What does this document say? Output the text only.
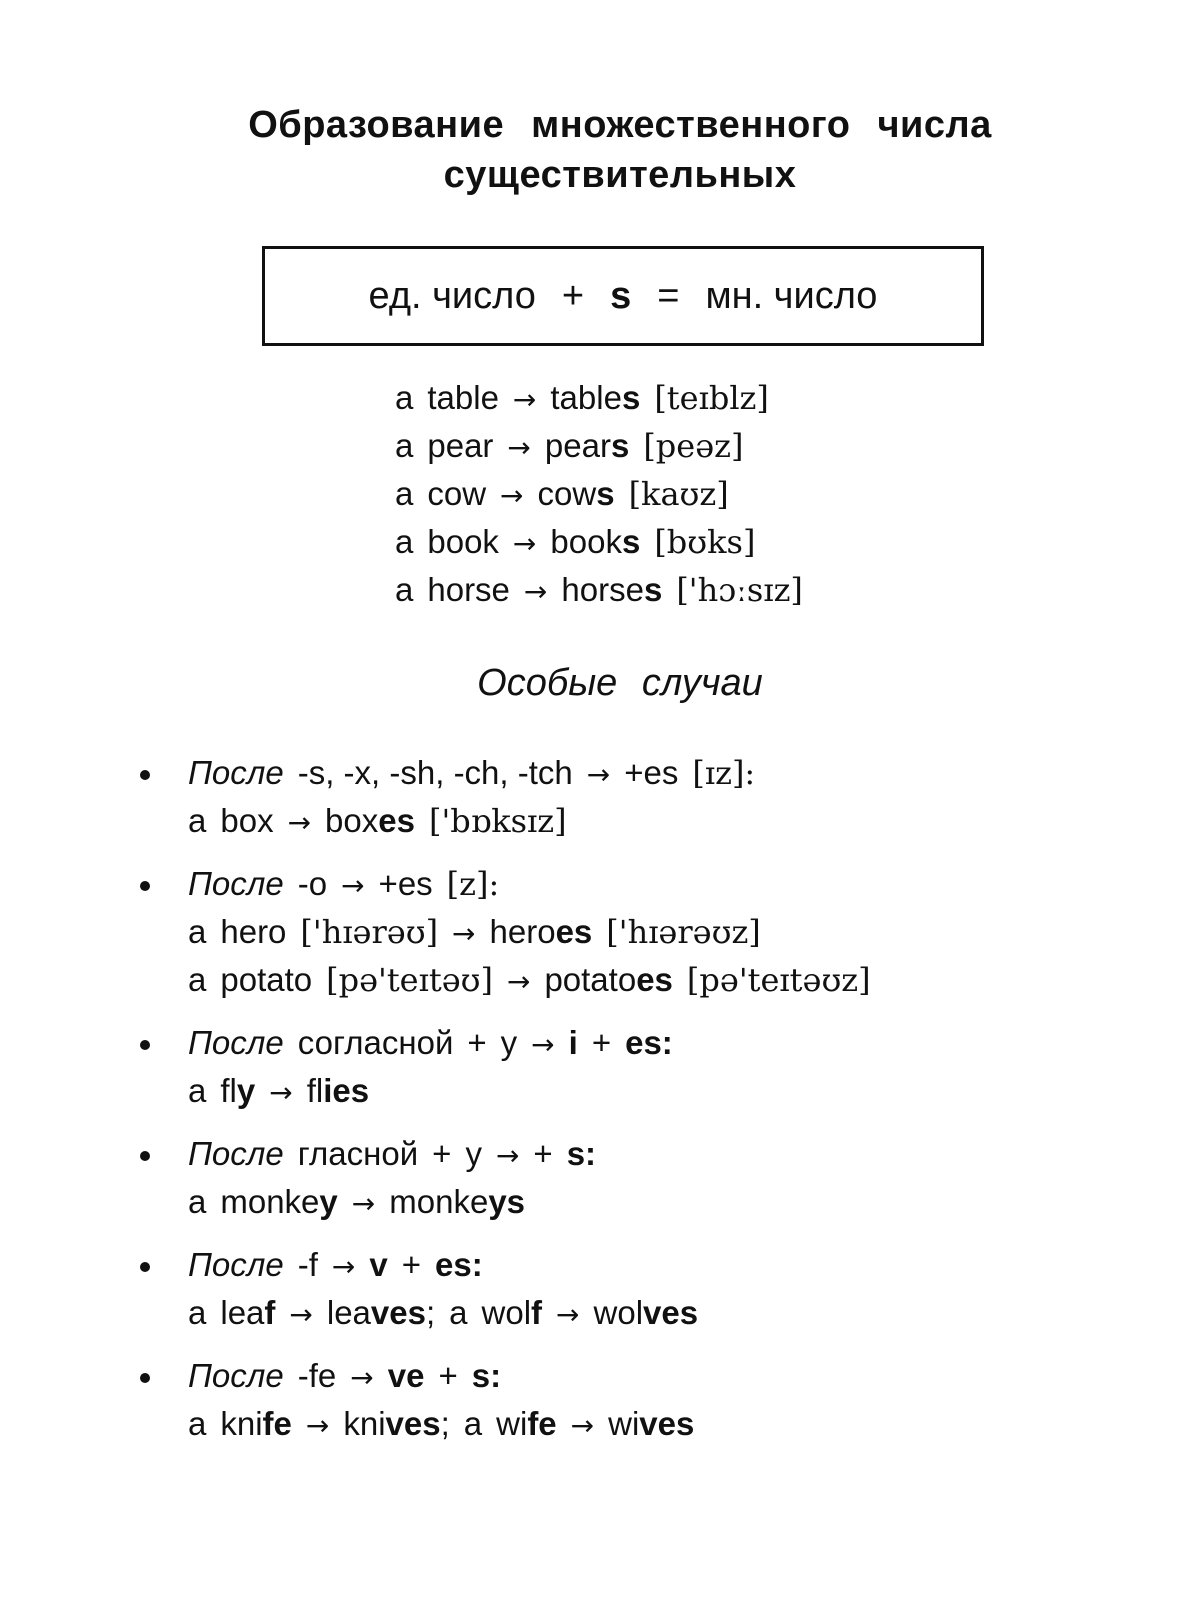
Образование множественного числа
существительных
ед. число + s = мн. число
a table → tables [teɪblz]
a pear → pears [peəz]
a cow → cows [kaʊz]
a book → books [bʊks]
a horse → horses ['hɔːsɪz]
Особые случаи
После -s, -x, -sh, -ch, -tch → +es [ɪz]:
a box → boxes ['bɒksɪz]
После -o → +es [z]:
a hero ['hɪərəʊ] → heroes ['hɪərəʊz]
a potato [pə'teɪtəʊ] → potatoes [pə'teɪtəʊz]
После согласной + y → i + es:
a fly → flies
После гласной + y → + s:
a monkey → monkeys
После -f → v + es:
a leaf → leaves; a wolf → wolves
После -fe → ve + s:
a knife → knives; a wife → wives
